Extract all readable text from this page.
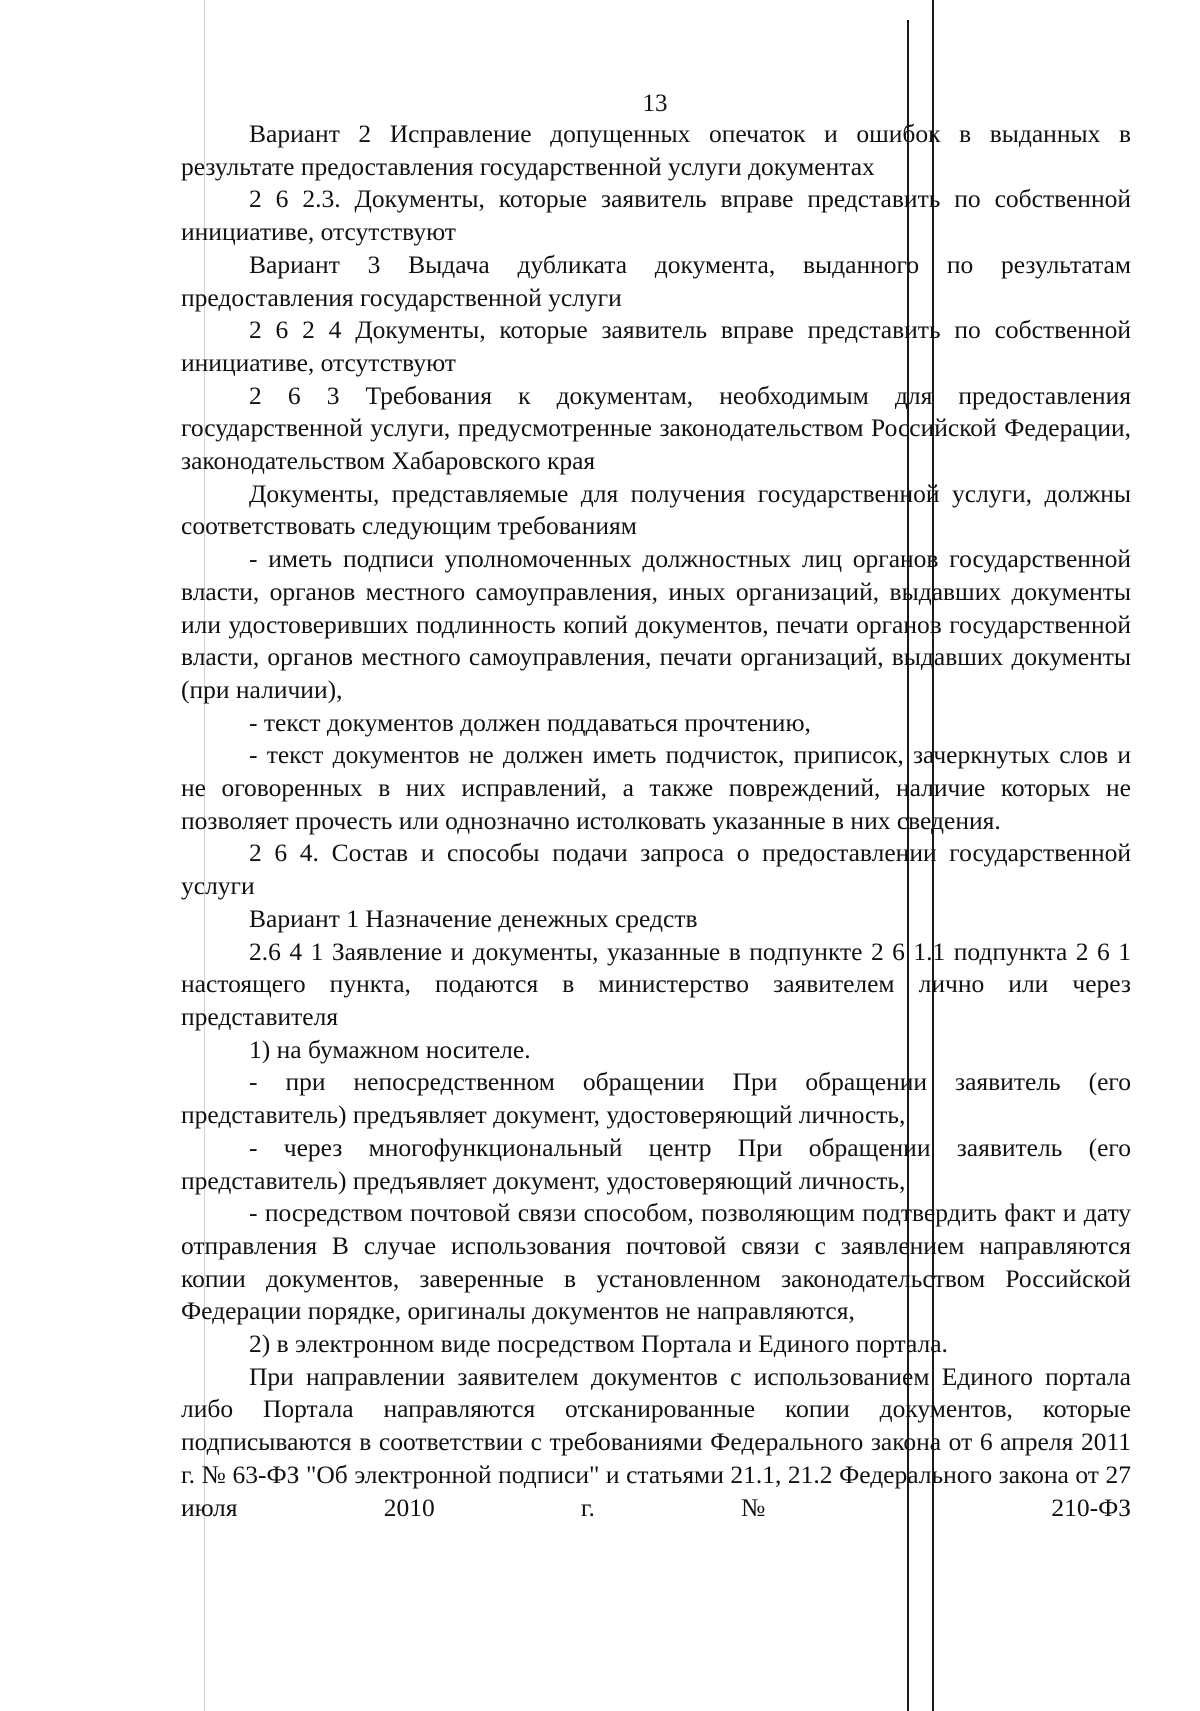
13

Вариант 2 Исправление допущенных опечаток и ошибок в выданных в результате предоставления государственной услуги документах

2 6 2.3. Документы, которые заявитель вправе представить по собственной инициативе, отсутствуют

Вариант 3 Выдача дубликата документа, выданного по результатам предоставления государственной услуги

2 6 2 4 Документы, которые заявитель вправе представить по собственной инициативе, отсутствуют

2 6 3 Требования к документам, необходимым для предоставления государственной услуги, предусмотренные законодательством Российской Федерации, законодательством Хабаровского края

Документы, представляемые для получения государственной услуги, должны соответствовать следующим требованиям

- иметь подписи уполномоченных должностных лиц органов государственной власти, органов местного самоуправления, иных организаций, выдавших документы или удостоверивших подлинность копий документов, печати органов государственной власти, органов местного самоуправления, печати организаций, выдавших документы (при наличии),

- текст документов должен поддаваться прочтению,

- текст документов не должен иметь подчисток, приписок, зачеркнутых слов и не оговоренных в них исправлений, а также повреждений, наличие которых не позволяет прочесть или однозначно истолковать указанные в них сведения.

2 6 4. Состав и способы подачи запроса о предоставлении государственной услуги

Вариант 1 Назначение денежных средств

2.6 4 1 Заявление и документы, указанные в подпункте 2 6 1.1 подпункта 2 6 1 настоящего пункта, подаются в министерство заявителем лично или через представителя

1) на бумажном носителе.

- при непосредственном обращении При обращении заявитель (его представитель) предъявляет документ, удостоверяющий личность,

- через многофункциональный центр При обращении заявитель (его представитель) предъявляет документ, удостоверяющий личность,

- посредством почтовой связи способом, позволяющим подтвердить факт и дату отправления В случае использования почтовой связи с заявлением направляются копии документов, заверенные в установленном законодательством Российской Федерации порядке, оригиналы документов не направляются,

2) в электронном виде посредством Портала и Единого портала.

При направлении заявителем документов с использованием Единого портала либо Портала направляются отсканированные копии документов, которые подписываются в соответствии с требованиями Федерального закона от 6 апреля 2011 г. № 63-ФЗ "Об электронной подписи" и статьями 21.1, 21.2 Федерального закона от 27 июля 2010 г. № 210-ФЗ
